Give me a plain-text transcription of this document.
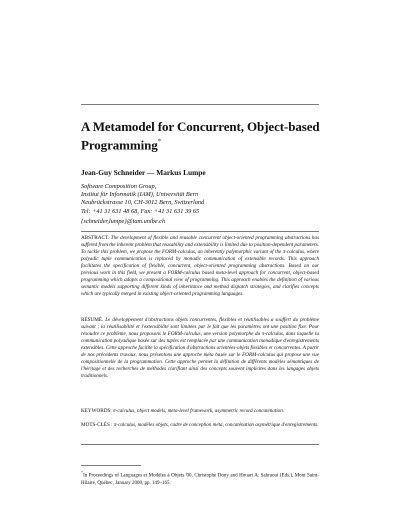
A Metamodel for Concurrent, Object-based Programming*
Jean-Guy Schneider — Markus Lumpe
Software Composition Group,
Institut für Informatik (IAM), Universität Bern
Neubrückstrasse 10, CH-3012 Bern, Switzerland
Tel: +41 31 631 48 68, Fax: +41 31 631 39 65
{schneider,lumpe}@iam.unibe.ch
ABSTRACT. The development of flexible and reusable concurrent object-oriented programming abstractions has suffered from the inherent problem that reusability and extensibility is limited due to position-dependent parameters. To tackle this problem, we propose the FORM-calculus, an inherently polymorphic variant of the π-calculus, where polyadic tuple communication is replaced by monadic communication of extensible records. This approach facilitates the specification of flexible, concurrent, object-oriented programming abstractions. Based on our previous work in this field, we present a FORM-calculus based meta-level approach for concurrent, object-based programming which adapts a compositional view of programming. This approach enables the definition of various semantic models supporting different kinds of inheritance and method dispatch strategies, and clarifies concepts which are typically merged in existing object-oriented programming languages.
RÉSUMÉ. Le développement d'abstractions objets concurrentes, flexibles et réutilisables a souffert du problème suivant : la réutilisabilité et l'extensibilité sont limitées par le fait que les paramètres ont une position fixe. Pour résoudre ce problème, nous proposons le FORM-calculus, une version polymorphe du π-calculus, dans laquelle la communication polyadique basée sur des tuples est remplacée par une communication monadique d'enregistrements extensibles. Cette approche facilite la spécification d'abstractions orientées-objets flexibles et concurrentes. A partir de nos précédents travaux, nous présentons une approche méta basée sur le FORM-calculus qui propose une vue compositionnelle de la programmation. Cette approche permet la définition de différents modèles sémantiques de l'héritage et des recherches de méthodes clarifiant ainsi des concepts souvent implicites dans les langages objets traditionnels.
KEYWORDS: π-calculus, object models, meta-level framework, asymmetric record concatenation.
MOTS-CLÉS : π-calculus, modèles objets, cadre de conception méta, concaténation asymétrique d'enregistrements.
*In Proceedings of Languages et Modèles à Objets '00, Christophe Dony and Houari A. Sahraoui (Eds.), Mont Saint-Hilaire, Québec, January 2000, pp. 149–165.
